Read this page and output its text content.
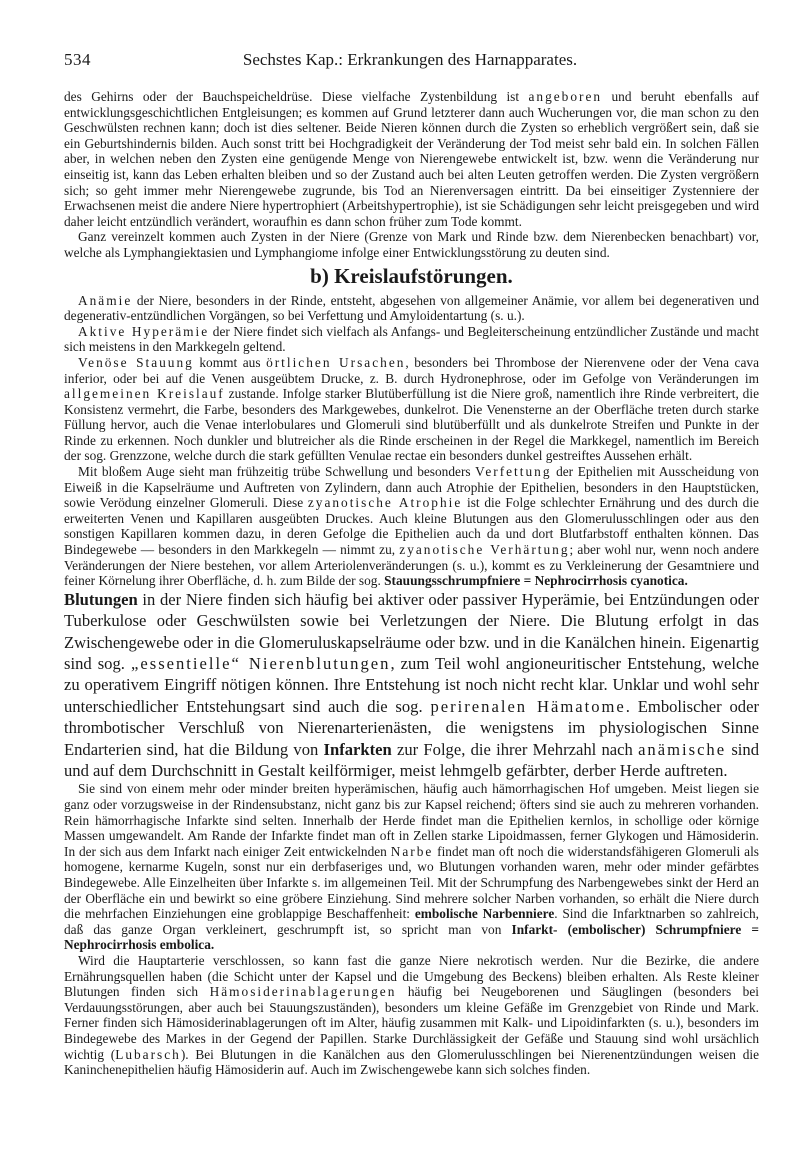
534	Sechstes Kap.: Erkrankungen des Harnapparates.

des Gehirns oder der Bauchspeicheldrüse. Diese vielfache Zystenbildung ist angeboren und beruht ebenfalls auf entwicklungsgeschichtlichen Entgleisungen; es kommen auf Grund letzterer dann auch Wucherungen vor, die man schon zu den Geschwülsten rechnen kann; doch ist dies seltener. Beide Nieren können durch die Zysten so erheblich vergrößert sein, daß sie ein Geburtshindernis bilden. Auch sonst tritt bei Hochgradigkeit der Veränderung der Tod meist sehr bald ein. In solchen Fällen aber, in welchen neben den Zysten eine genügende Menge von Nierengewebe entwickelt ist, bzw. wenn die Veränderung nur einseitig ist, kann das Leben erhalten bleiben und so der Zustand auch bei alten Leuten getroffen werden. Die Zysten vergrößern sich; so geht immer mehr Nierengewebe zugrunde, bis Tod an Nierenversagen eintritt. Da bei einseitiger Zystenniere der Erwachsenen meist die andere Niere hypertrophiert (Arbeitshypertrophie), ist sie Schädigungen sehr leicht preisgegeben und wird daher leicht entzündlich verändert, woraufhin es dann schon früher zum Tode kommt.

Ganz vereinzelt kommen auch Zysten in der Niere (Grenze von Mark und Rinde bzw. dem Nierenbecken benachbart) vor, welche als Lymphangiektasien und Lymphangiome infolge einer Entwicklungsstörung zu deuten sind.

b) Kreislaufstörungen.

Anämie der Niere, besonders in der Rinde, entsteht, abgesehen von allgemeiner Anämie, vor allem bei degenerativen und degenerativ-entzündlichen Vorgängen, so bei Verfettung und Amyloidentartung (s. u.).

Aktive Hyperämie der Niere findet sich vielfach als Anfangs- und Begleiterscheinung entzündlicher Zustände und macht sich meistens in den Markkegeln geltend.

Venöse Stauung kommt aus örtlichen Ursachen, besonders bei Thrombose der Nierenvene oder der Vena cava inferior, oder bei auf die Venen ausgeübtem Drucke, z. B. durch Hydronephrose, oder im Gefolge von Veränderungen im allgemeinen Kreislauf zustande. Infolge starker Blutüberfüllung ist die Niere groß, namentlich ihre Rinde verbreitert, die Konsistenz vermehrt, die Farbe, besonders des Markgewebes, dunkelrot. Die Venensterne an der Oberfläche treten durch starke Füllung hervor, auch die Venae interlobulares und Glomeruli sind blutüberfüllt und als dunkelrote Streifen und Punkte in der Rinde zu erkennen. Noch dunkler und blutreicher als die Rinde erscheinen in der Regel die Markkegel, namentlich im Bereich der sog. Grenzzone, welche durch die stark gefüllten Venulae rectae ein besonders dunkel gestreiftes Aussehen erhält.

Mit bloßem Auge sieht man frühzeitig trübe Schwellung und besonders Verfettung der Epithelien mit Ausscheidung von Eiweiß in die Kapselräume und Auftreten von Zylindern, dann auch Atrophie der Epithelien, besonders in den Hauptstücken, sowie Verödung einzelner Glomeruli. Diese zyanotische Atrophie ist die Folge schlechter Ernährung und des durch die erweiterten Venen und Kapillaren ausgeübten Druckes. Auch kleine Blutungen aus den Glomerulusschlingen oder aus den sonstigen Kapillaren kommen dazu, in deren Gefolge die Epithelien auch da und dort Blutfarbstoff enthalten können. Das Bindegewebe — besonders in den Markkegeln — nimmt zu, zyanotische Verhärtung; aber wohl nur, wenn noch andere Veränderungen der Niere bestehen, vor allem Arteriolenveränderungen (s. u.), kommt es zu Verkleinerung der Gesamtniere und feiner Körnelung ihrer Oberfläche, d. h. zum Bilde der sog. Stauungsschrumpfniere = Nephrocirrhosis cyanotica.

Blutungen in der Niere finden sich häufig bei aktiver oder passiver Hyperämie, bei Entzündungen oder Tuberkulose oder Geschwülsten sowie bei Verletzungen der Niere. Die Blutung erfolgt in das Zwischengewebe oder in die Glomeruluskapselräume oder bzw. und in die Kanälchen hinein. Eigenartig sind sog. „essentielle“ Nierenblutungen, zum Teil wohl angioneuritischer Entstehung, welche zu operativem Eingriff nötigen können. Ihre Entstehung ist noch nicht recht klar. Unklar und wohl sehr unterschiedlicher Entstehungsart sind auch die sog. perirenalen Hämatome. Embolischer oder thrombotischer Verschluß von Nierenarterienästen, die wenigstens im physiologischen Sinne Endarterien sind, hat die Bildung von Infarkten zur Folge, die ihrer Mehrzahl nach anämische sind und auf dem Durchschnitt in Gestalt keilförmiger, meist lehmgelb gefärbter, derber Herde auftreten.

Sie sind von einem mehr oder minder breiten hyperämischen, häufig auch hämorrhagischen Hof umgeben. Meist liegen sie ganz oder vorzugsweise in der Rindensubstanz, nicht ganz bis zur Kapsel reichend; öfters sind sie auch zu mehreren vorhanden. Rein hämorrhagische Infarkte sind selten. Innerhalb der Herde findet man die Epithelien kernlos, in schollige oder körnige Massen umgewandelt. Am Rande der Infarkte findet man oft in Zellen starke Lipoidmassen, ferner Glykogen und Hämosiderin. In der sich aus dem Infarkt nach einiger Zeit entwickelnden Narbe findet man oft noch die widerstandsfähigeren Glomeruli als homogene, kernarme Kugeln, sonst nur ein derbfaseriges und, wo Blutungen vorhanden waren, mehr oder minder gefärbtes Bindegewebe. Alle Einzelheiten über Infarkte s. im allgemeinen Teil. Mit der Schrumpfung des Narbengewebes sinkt der Herd an der Oberfläche ein und bewirkt so eine gröbere Einziehung. Sind mehrere solcher Narben vorhanden, so erhält die Niere durch die mehrfachen Einziehungen eine groblappige Beschaffenheit: embolische Narbenniere. Sind die Infarktnarben so zahlreich, daß das ganze Organ verkleinert, geschrumpft ist, so spricht man von Infarkt- (embolischer) Schrumpfniere = Nephrocirrhosis embolica.

Wird die Hauptarterie verschlossen, so kann fast die ganze Niere nekrotisch werden. Nur die Bezirke, die andere Ernährungsquellen haben (die Schicht unter der Kapsel und die Umgebung des Beckens) bleiben erhalten. Als Reste kleiner Blutungen finden sich Hämosiderinablagerungen häufig bei Neugeborenen und Säuglingen (besonders bei Verdauungsstörungen, aber auch bei Stauungszuständen), besonders um kleine Gefäße im Grenzgebiet von Rinde und Mark. Ferner finden sich Hämosiderinablagerungen oft im Alter, häufig zusammen mit Kalk- und Lipoidinfarkten (s. u.), besonders im Bindegewebe des Markes in der Gegend der Papillen. Starke Durchlässigkeit der Gefäße und Stauung sind wohl ursächlich wichtig (Lubarsch). Bei Blutungen in die Kanälchen aus den Glomerulusschlingen bei Nierenentzündungen weisen die Kaninchenepithelien häufig Hämosiderin auf. Auch im Zwischengewebe kann sich solches finden.
